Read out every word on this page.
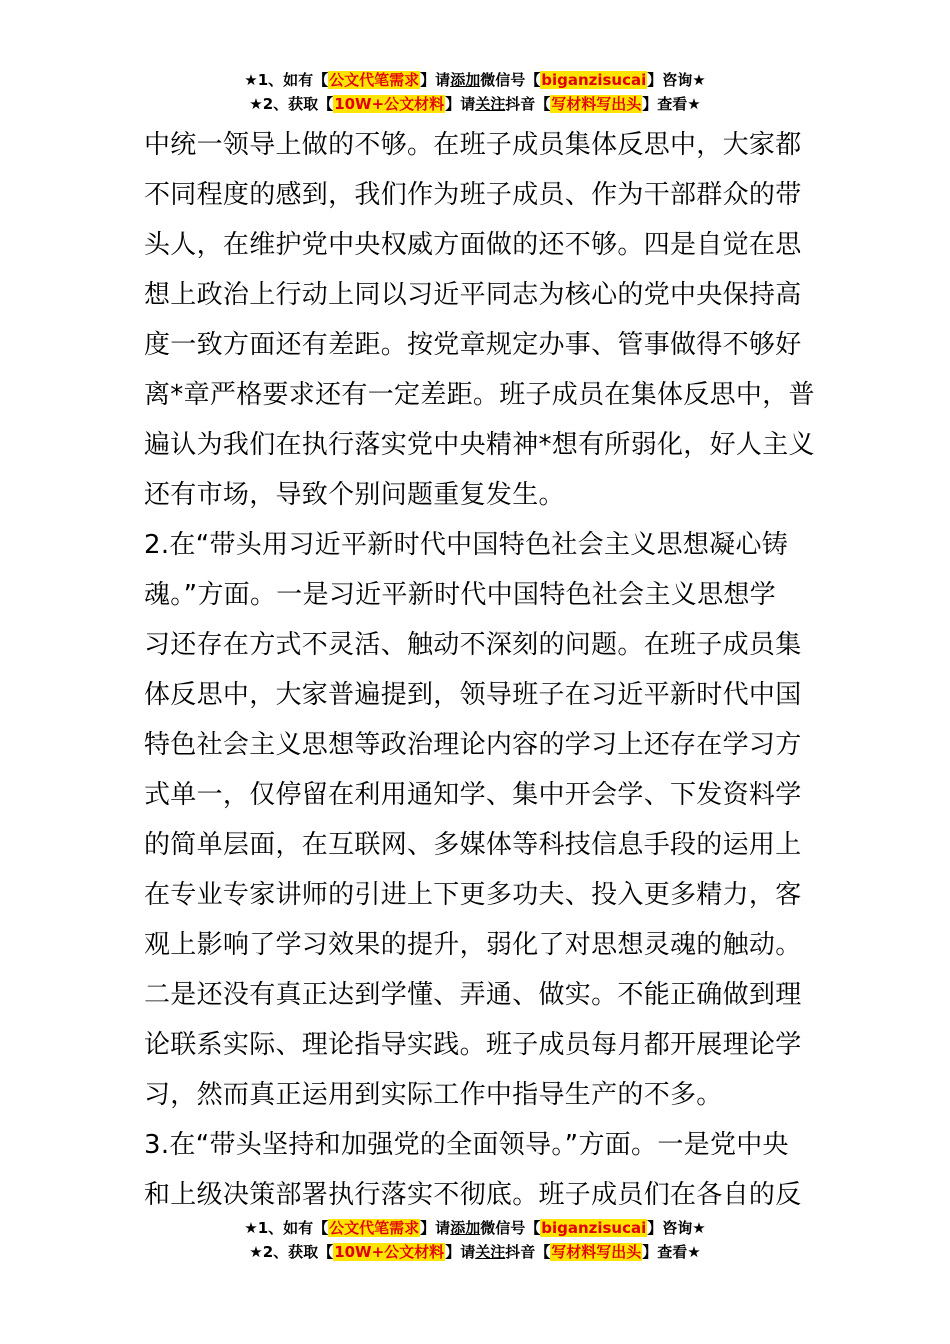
★1、如有【公文代笔需求】请添加微信号【biganzisucai】咨询★
★2、获取【10W+公文材料】请关注抖音【写材料写出头】查看★
中统一领导上做的不够。在班子成员集体反思中，大家都
不同程度的感到，我们作为班子成员、作为干部群众的带
头人，在维护党中央权威方面做的还不够。四是自觉在思
想上政治上行动上同以习近平同志为核心的党中央保持高
度一致方面还有差距。按党章规定办事、管事做得不够好
离*章严格要求还有一定差距。班子成员在集体反思中，普
遍认为我们在执行落实党中央精神*想有所弱化，好人主义
还有市场，导致个别问题重复发生。
2.在“带头用习近平新时代中国特色社会主义思想凝心铸
魂。”方面。一是习近平新时代中国特色社会主义思想学
习还存在方式不灵活、触动不深刻的问题。在班子成员集
体反思中，大家普遍提到，领导班子在习近平新时代中国
特色社会主义思想等政治理论内容的学习上还存在学习方
式单一，仅停留在利用通知学、集中开会学、下发资料学
的简单层面，在互联网、多媒体等科技信息手段的运用上
在专业专家讲师的引进上下更多功夫、投入更多精力，客
观上影响了学习效果的提升，弱化了对思想灵魂的触动。
二是还没有真正达到学懂、弄通、做实。不能正确做到理
论联系实际、理论指导实践。班子成员每月都开展理论学
习，然而真正运用到实际工作中指导生产的不多。
3.在“带头坚持和加强党的全面领导。”方面。一是党中央
和上级决策部署执行落实不彻底。班子成员们在各自的反
★1、如有【公文代笔需求】请添加微信号【biganzisucai】咨询★
★2、获取【10W+公文材料】请关注抖音【写材料写出头】查看★
